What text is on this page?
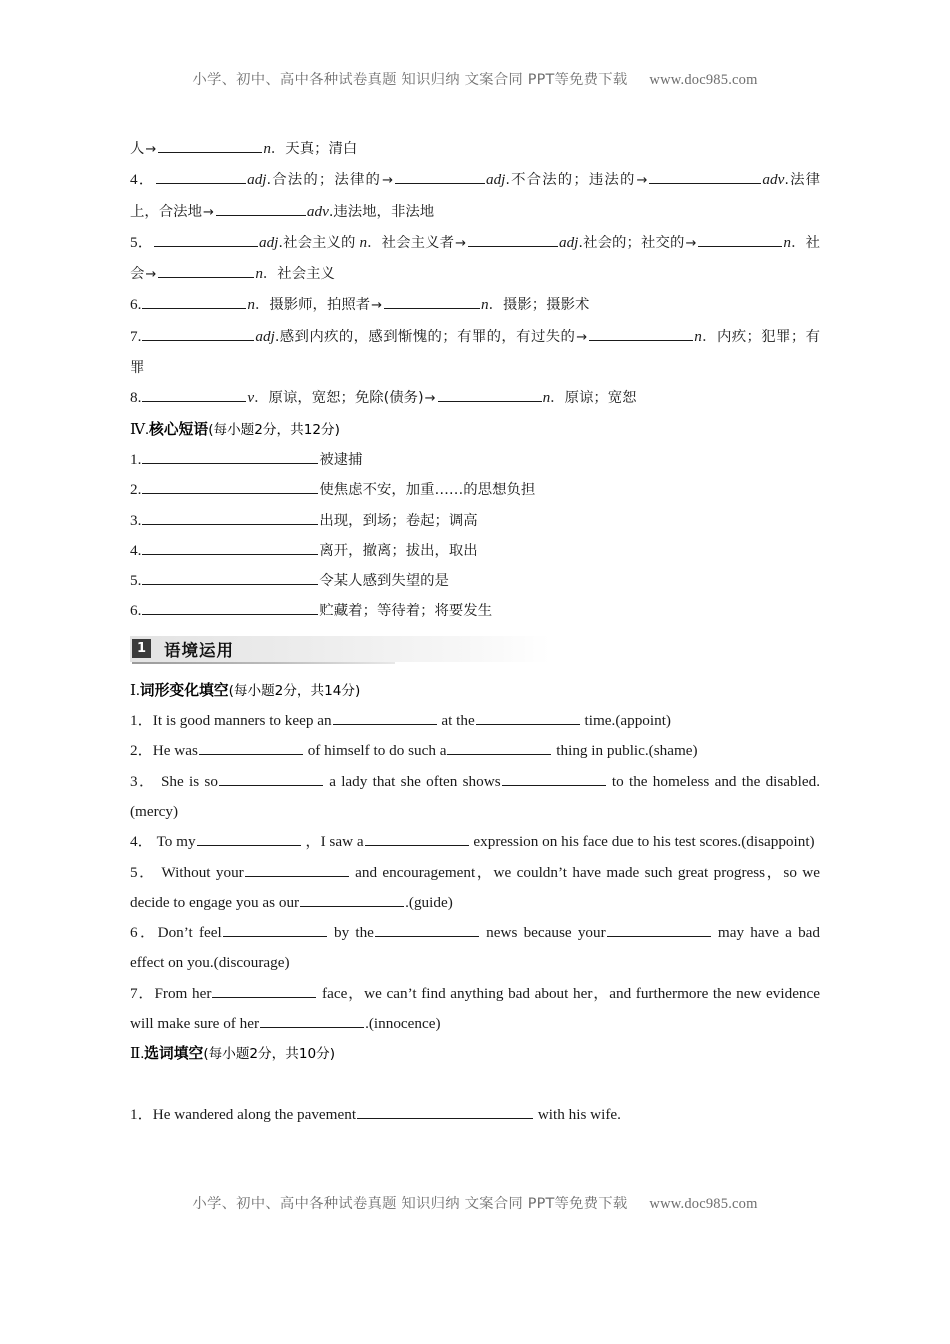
小学、初中、高中各种试卷真题 知识归纳 文案合同 PPT等免费下载 www.doc985.com
人→	n．天真；清白
4．	adj.合法的；法律的→	adj.不合法的；违法的→	adv.法律上，合法地→	adv.违法地，非法地
5．	adj.社会主义的 n．社会主义者→	adj.社会的；社交的→	n．社会→	n．社会主义
6.	n．摄影师，拍照者→	n．摄影；摄影术
7.	adj.感到内疚的，感到惭愧的；有罪的，有过失的→	n．内疚；犯罪；有罪
8.	v．原谅，宽恕；免除(债务)→	n．原谅；宽恕
Ⅳ.核心短语(每小题2分，共12分)
1.	被逮捕
2.	使焦虑不安，加重……的思想负担
3.	出现，到场；卷起；调高
4.	离开，撤离；拔出，取出
5.	令某人感到失望的是
6.	贮藏着；等待着；将要发生
1	语境运用
Ⅰ.词形变化填空(每小题2分，共14分)
1．It is good manners to keep an	at the	time.(appoint)
2．He was	of himself to do such a	thing in public.(shame)
3． She is so	a lady that she often shows	to the homeless and the disabled.(mercy)
4． To my	，I saw a	expression on his face due to his test scores.(disappoint)
5． Without your	and encouragement，we couldn’t have made such great progress，so we decide to engage you as our	.(guide)
6．Don’t feel	by the	news because your	may have a bad effect on you.(discourage)
7．From her	face，we can’t find anything bad about her，and furthermore the new evidence will make sure of her	.(innocence)
Ⅱ.选词填空(每小题2分，共10分)
1．He wandered along the pavement	with his wife.
小学、初中、高中各种试卷真题 知识归纳 文案合同 PPT等免费下载 www.doc985.com
